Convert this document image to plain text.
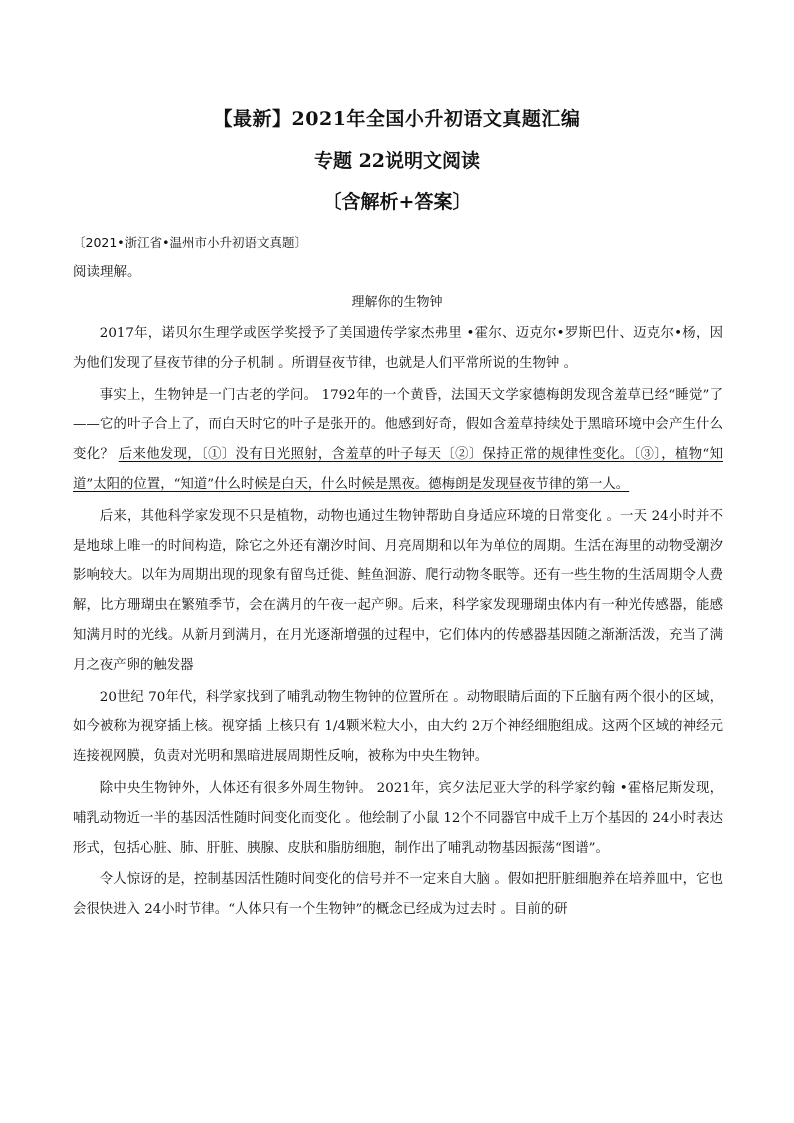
【最新】2021年全国小升初语文真题汇编
专题 22说明文阅读
〔含解析+答案〕
〔2021•浙江省•温州市小升初语文真题〕
阅读理解。
理解你的生物钟

2017年，诺贝尔生理学或医学奖授予了美国遗传学家杰弗里 •霍尔、迈克尔•罗斯巴什、迈克尔•杨，因为他们发现了昼夜节律的分子机制 。所谓昼夜节律，也就是人们平常所说的生物钟 。

事实上，生物钟是一门古老的学问。 1792年的一个黄昏，法国天文学家德梅朗发现含羞草已经“睡觉”了——它的叶子合上了，而白天时它的叶子是张开的。他感到好奇，假如含羞草持续处于黑暗环境中会产生什么变化？ 后来他发现，〔①〕没有日光照射，含羞草的叶子每天〔②〕保持正常的规律性变化。〔③〕，植物“知道”太阳的位置，“知道”什么时候是白天，什么时候是黑夜。德梅朗是发现昼夜节律的第一人。

后来，其他科学家发现不只是植物，动物也通过生物钟帮助自身适应环境的日常变化 。一天 24小时并不是地球上唯一的时间构造，除它之外还有潮汐时间、月亮周期和以年为单位的周期。生活在海里的动物受潮汐影响较大。以年为周期出现的现象有留鸟迁徙、鲑鱼洄游、爬行动物冬眠等。还有一些生物的生活周期令人费解，比方珊瑚虫在繁殖季节，会在满月的午夜一起产卵。后来，科学家发现珊瑚虫体内有一种光传感器，能感知满月时的光线。从新月到满月，在月光逐渐增强的过程中，它们体内的传感器基因随之渐渐活泼，充当了满月之夜产卵的触发器

20世纪 70年代，科学家找到了哺乳动物生物钟的位置所在 。动物眼睛后面的下丘脑有两个很小的区域，如今被称为视穿插上核。视穿插 上核只有 1/4颗米粒大小，由大约 2万个神经细胞组成。这两个区域的神经元连接视网膜，负责对光明和黑暗进展周期性反响，被称为中央生物钟。

除中央生物钟外，人体还有很多外周生物钟。 2021年，宾夕法尼亚大学的科学家约翰 •霍格尼斯发现，哺乳动物近一半的基因活性随时间变化而变化 。他绘制了小鼠 12个不同器官中成千上万个基因的 24小时表达形式，包括心脏、肺、肝脏、胰腺、皮肤和脂肪细胞，制作出了哺乳动物基因振荡“图谱”。

令人惊讶的是，控制基因活性随时间变化的信号并不一定来自大脑 。假如把肝脏细胞养在培养皿中，它也会很快进入 24小时节律。“人体只有一个生物钟”的概念已经成为过去时 。目前的研
